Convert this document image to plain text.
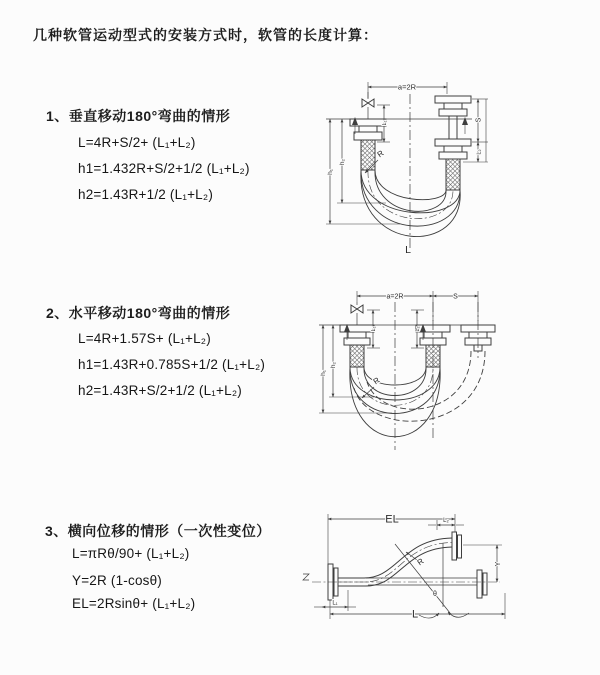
几种软管运动型式的安装方式时，软管的长度计算：
1、垂直移动180°弯曲的情形
L=4R+S/2+ (L₁+L₂)
h1=1.432R+S/2+1/2 (L₁+L₂)
h2=1.43R+1/2 (L₁+L₂)
2、水平移动180°弯曲的情形
L=4R+1.57S+ (L₁+L₂)
h1=1.43R+0.785S+1/2 (L₁+L₂)
h2=1.43R+S/2+1/2 (L₁+L₂)
3、横向位移的情形（一次性变位）
L=πRθ/90+ (L₁+L₂)
Y=2R (1-cosθ)
EL=2Rsinθ+ (L₁+L₂)
a=2R
L₁
S
L₂
h₁
h₂
R
L
a=2R	S
L₁	L₂
h₁
h₂
R
EL	L₂
Y
L
L₁
R
θ
